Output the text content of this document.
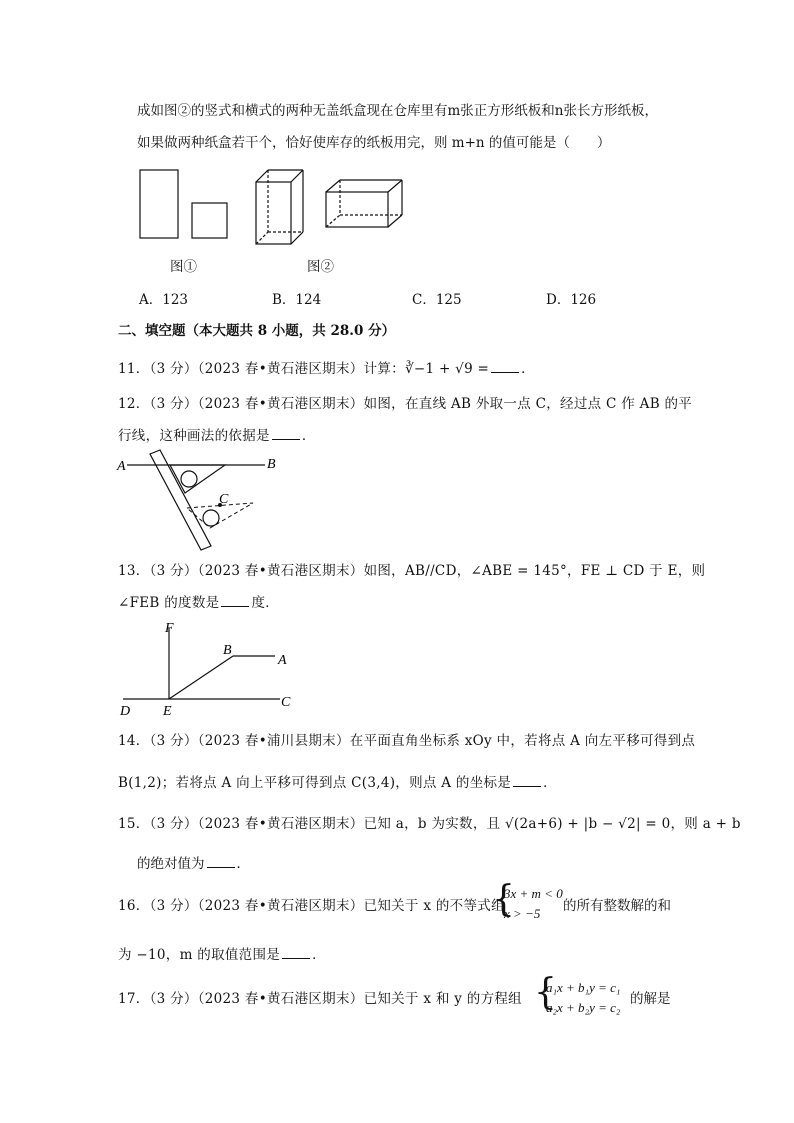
成如图②的竖式和横式的两种无盖纸盒现在仓库里有m张正方形纸板和n张长方形纸板，
如果做两种纸盒若干个，恰好使库存的纸板用完，则 m+n 的值可能是（　　）
图①	图②
A．123	B．124	C．125	D．126
二、填空题（本大题共 8 小题，共 28.0 分）
11．（3 分）（2023 春•黄石港区期末）计算：∛−1 + √9 = ．
12．（3 分）（2023 春•黄石港区期末）如图，在直线 AB 外取一点 C，经过点 C 作 AB 的平
行线，这种画法的依据是 ．
A	B
C
13．（3 分）（2023 春•黄石港区期末）如图，AB//CD，∠ABE = 145°，FE ⊥ CD 于 E，则
∠FEB 的度数是 度．
F
B
A
D E
C
14．（3 分）（2023 春•浦川县期末）在平面直角坐标系 xOy 中，若将点 A 向左平移可得到点
B(1,2)；若将点 A 向上平移可得到点 C(3,4)，则点 A 的坐标是 ．
15．（3 分）（2023 春•黄石港区期末）已知 a，b 为实数，且 √(2a+6) + |b − √2| = 0，则 a + b
的绝对值为 ．
16．（3 分）（2023 春•黄石港区期末）已知关于 x 的不等式组
{
3x + m < 0
x > −5 的所有整数解的和
为 −10，m 的取值范围是 ．
17．（3 分）（2023 春•黄石港区期末）已知关于 x 和 y 的方程组 {
a₁x + b₁y = c₁
a₂x + b₂y = c₂
的解是
